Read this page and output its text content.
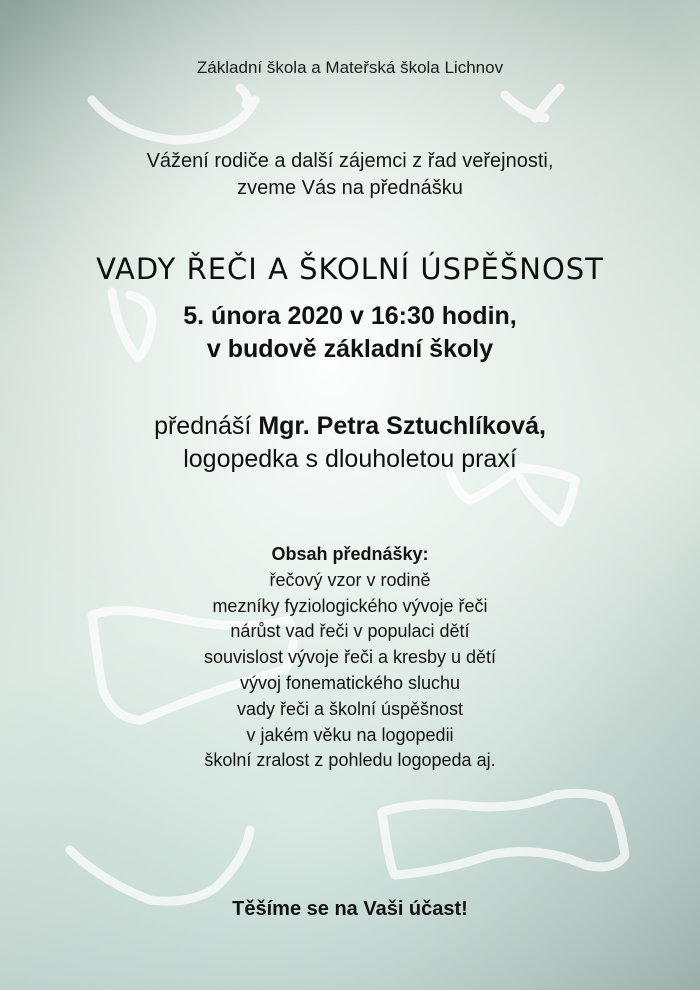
Základní škola a Mateřská škola Lichnov

Vážení rodiče a další zájemci z řad veřejnosti,
zveme Vás na přednášku

VADY ŘEČI A ŠKOLNÍ ÚSPĚŠNOST

5. února 2020 v 16:30 hodin,
v budově základní školy

přednáší Mgr. Petra Sztuchlíková,
logopedka s dlouholetou praxí

Obsah přednášky:
řečový vzor v rodině
mezníky fyziologického vývoje řeči
nárůst vad řeči v populaci dětí
souvislost vývoje řeči a kresby u dětí
vývoj fonematického sluchu
vady řeči a školní úspěšnost
v jakém věku na logopedii
školní zralost z pohledu logopeda aj.

Těšíme se na Vaši účast!
